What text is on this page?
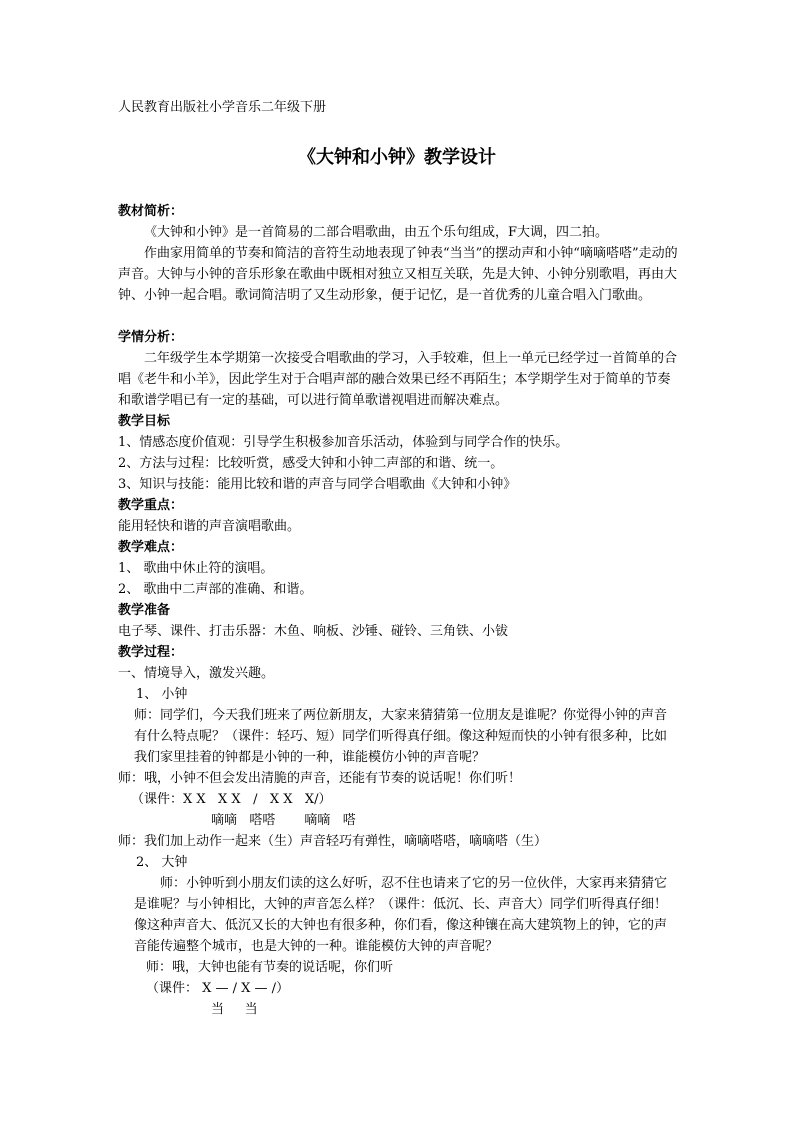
人民教育出版社小学音乐二年级下册
《大钟和小钟》教学设计
教材简析：

《大钟和小钟》是一首简易的二部合唱歌曲，由五个乐句组成，F大调，四二拍。

作曲家用简单的节奏和简洁的音符生动地表现了钟表“当当”的摆动声和小钟“嘀嘀嗒嗒”走动的声音。大钟与小钟的音乐形象在歌曲中既相对独立又相互关联，先是大钟、小钟分别歌唱，再由大钟、小钟一起合唱。歌词简洁明了又生动形象，便于记忆，是一首优秀的儿童合唱入门歌曲。

学情分析：

二年级学生本学期第一次接受合唱歌曲的学习，入手较难，但上一单元已经学过一首简单的合唱《老牛和小羊》，因此学生对于合唱声部的融合效果已经不再陌生；本学期学生对于简单的节奏和歌谱学唱已有一定的基础，可以进行简单歌谱视唱进而解决难点。

教学目标
1、情感态度价值观：引导学生积极参加音乐活动，体验到与同学合作的快乐。
2、方法与过程：比较听赏，感受大钟和小钟二声部的和谐、统一。
3、知识与技能：能用比较和谐的声音与同学合唱歌曲《大钟和小钟》
教学重点：
能用轻快和谐的声音演唱歌曲。
教学难点：
1、 歌曲中休止符的演唱。
2、 歌曲中二声部的准确、和谐。
教学准备
电子琴、课件、打击乐器：木鱼、响板、沙锤、碰铃、三角铁、小钹
教学过程：
一、情境导入，激发兴趣。
1、 小钟

师：同学们，今天我们班来了两位新朋友，大家来猜猜第一位朋友是谁呢？你觉得小钟的声音有什么特点呢？（课件：轻巧、短）同学们听得真仔细。像这种短而快的小钟有很多种，比如我们家里挂着的钟都是小钟的一种，谁能模仿小钟的声音呢？

师：哦，小钟不但会发出清脆的声音，还能有节奏的说话呢！你们听！
（课件：X X   X X   /   X X   X/）
嘀嘀   嗒嗒       嘀嘀   嗒
师：我们加上动作一起来（生）声音轻巧有弹性，嘀嘀嗒嗒，嘀嘀嗒（生）
2、 大钟

师：小钟听到小朋友们读的这么好听，忍不住也请来了它的另一位伙伴，大家再来猜猜它是谁呢？与小钟相比，大钟的声音怎么样？（课件：低沉、长、声音大）同学们听得真仔细！像这种声音大、低沉又长的大钟也有很多种，你们看，像这种镶在高大建筑物上的钟，它的声音能传遍整个城市，也是大钟的一种。谁能模仿大钟的声音呢？

师：哦，大钟也能有节奏的说话呢，你们听
（课件： X — / X — /）
当     当
